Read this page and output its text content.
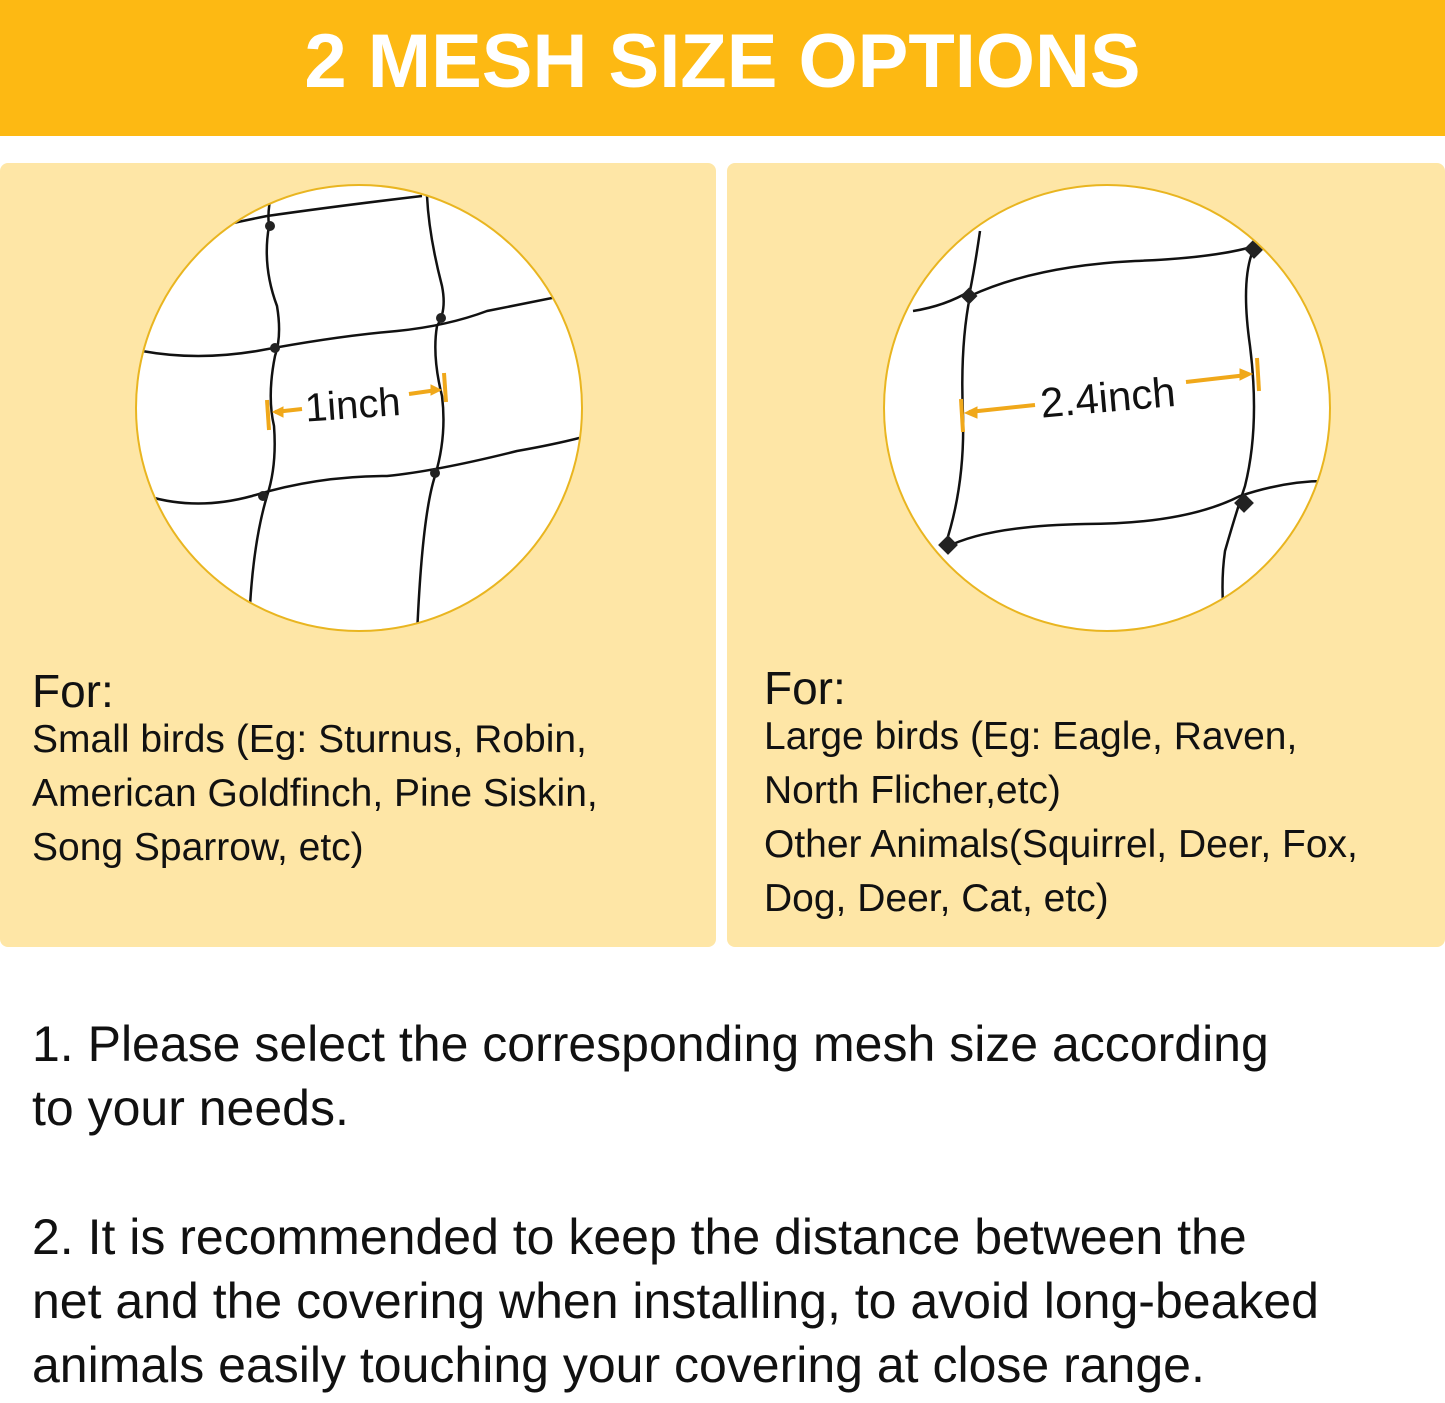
2 MESH SIZE OPTIONS
1inch
For:
Small birds (Eg: Sturnus, Robin,
American Goldfinch, Pine Siskin,
Song Sparrow, etc)
2.4inch
For:
Large birds (Eg: Eagle, Raven,
North Flicher,etc)
Other Animals(Squirrel, Deer, Fox,
Dog, Deer, Cat, etc)
1. Please select the corresponding mesh size according
to your needs.
2. It is recommended to keep the distance between the
net and the covering when installing, to avoid long-beaked
animals easily touching your covering at close range.
